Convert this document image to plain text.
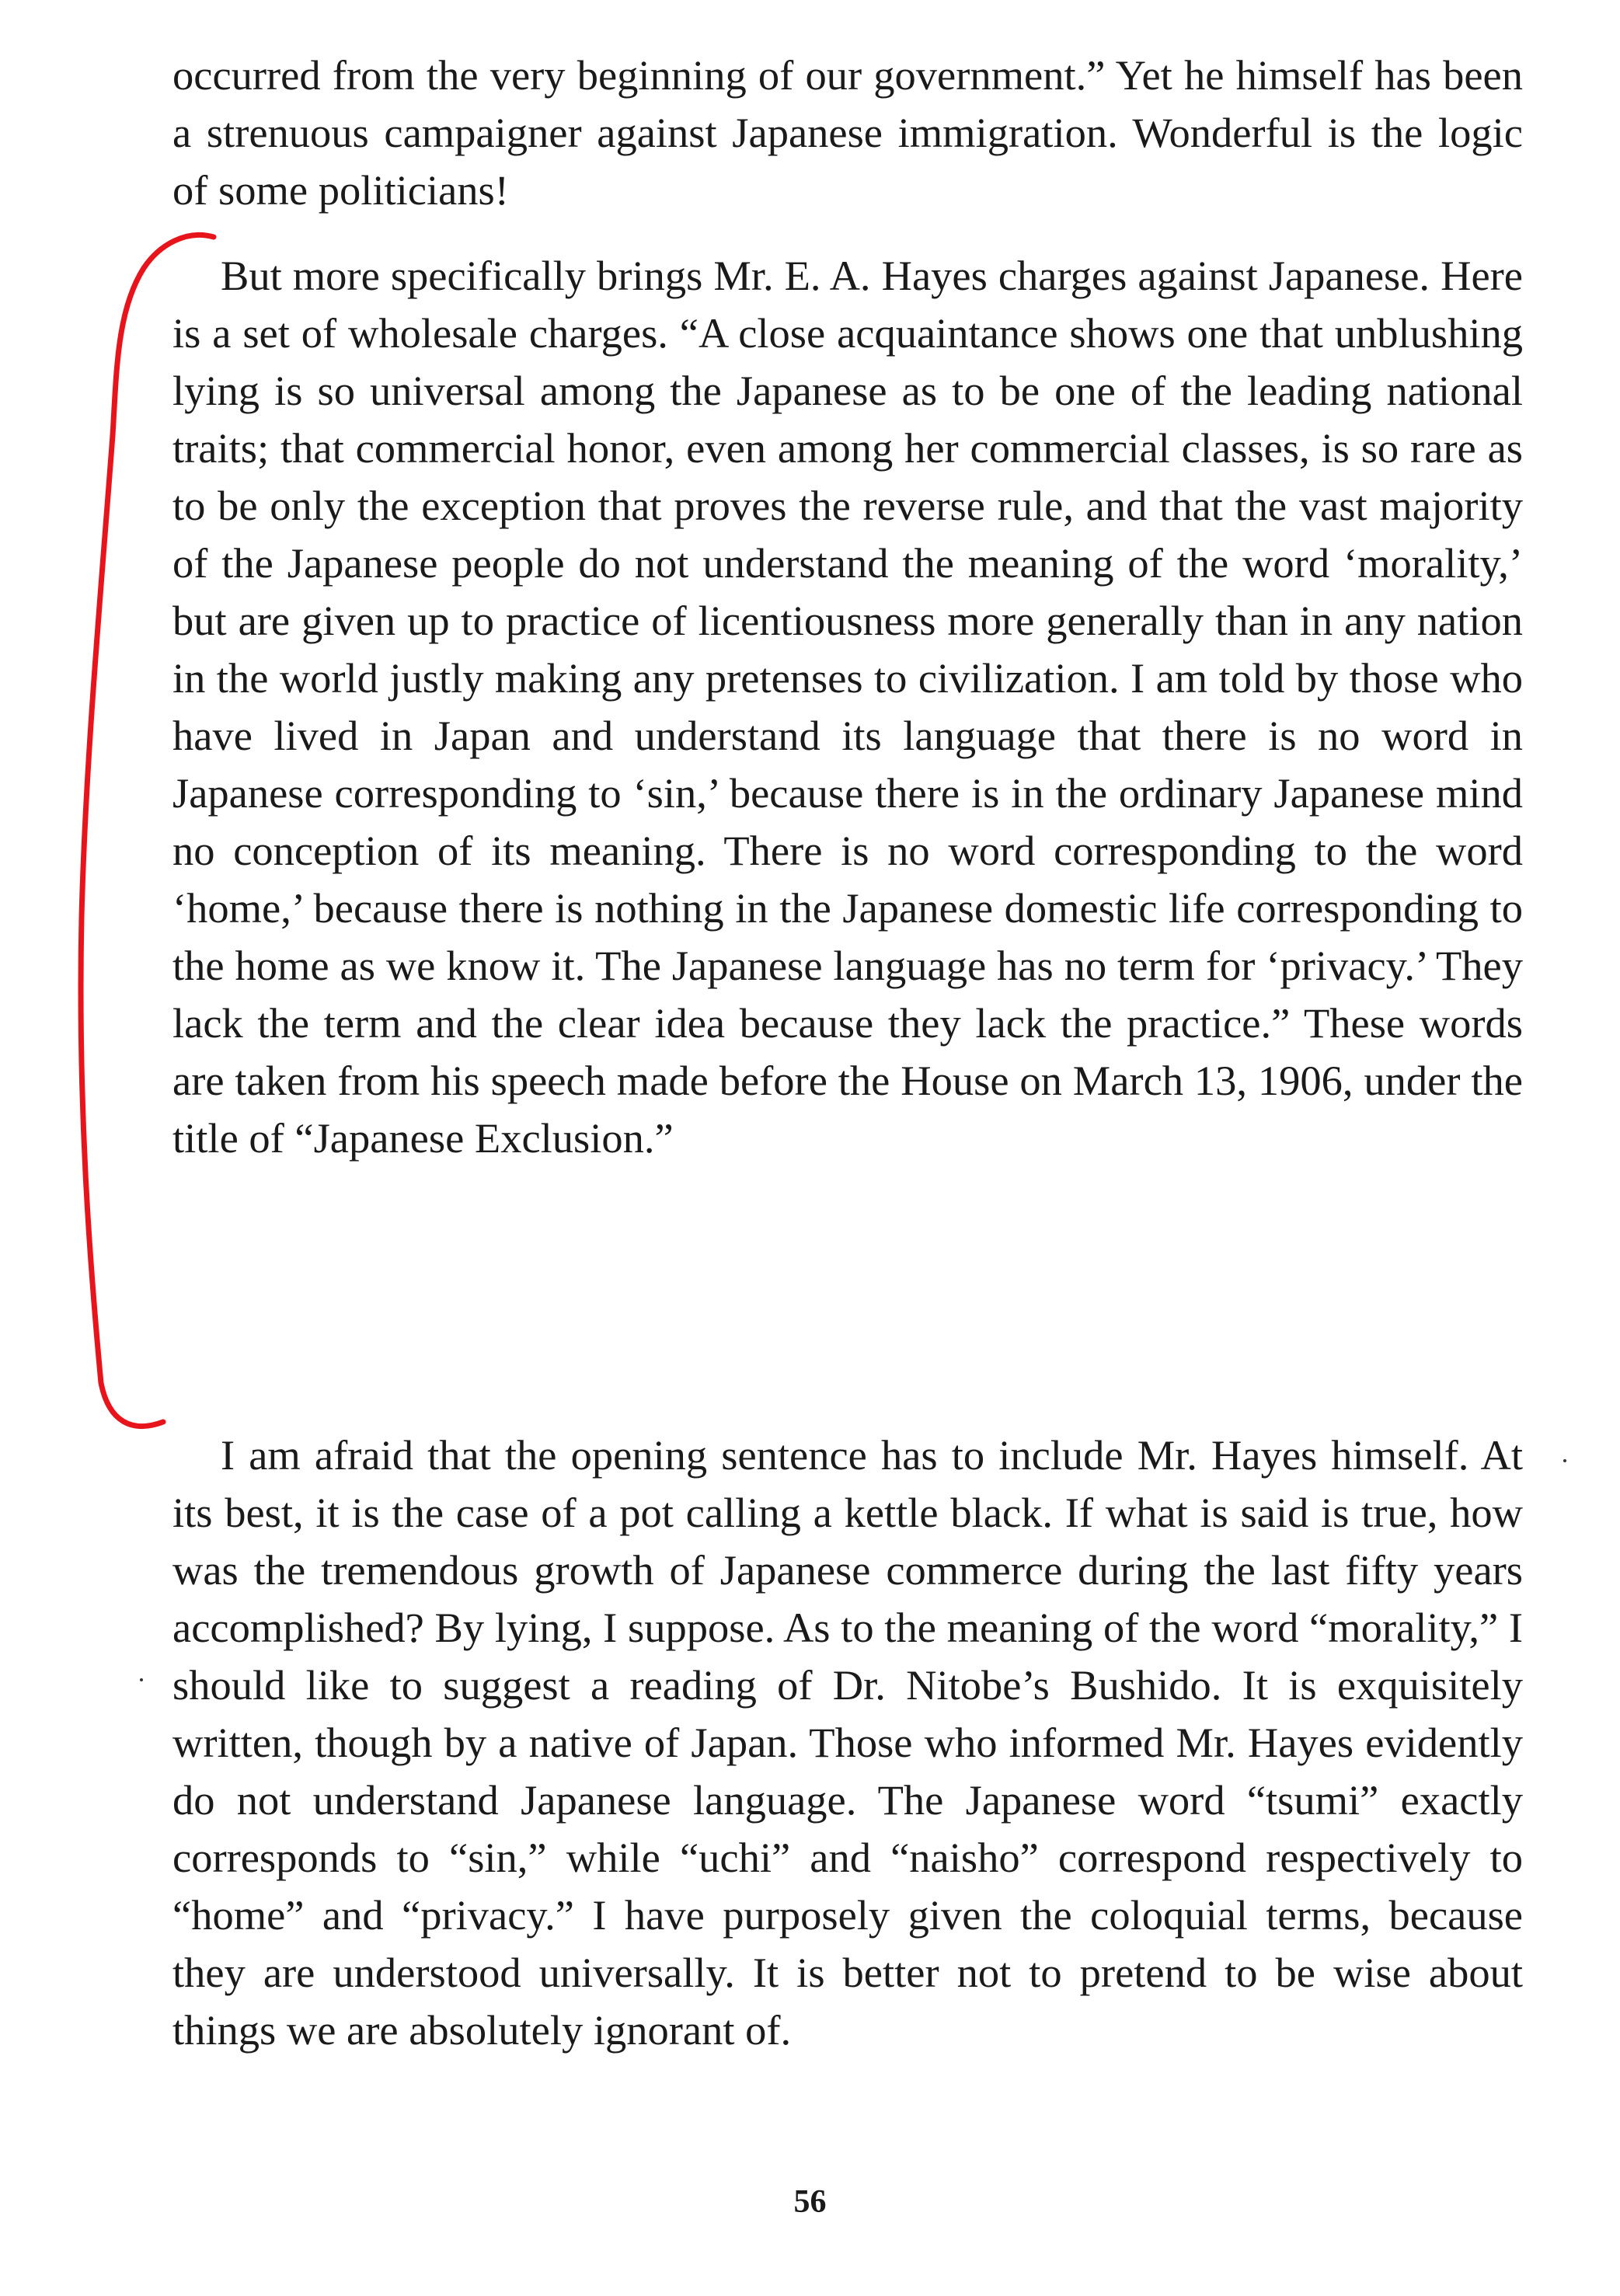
occurred from the very beginning of our government.” Yet he himself has been a strenuous campaigner against Japanese immigration. Wonderful is the logic of some politicians!

But more specifically brings Mr. E. A. Hayes charges against Japanese. Here is a set of wholesale charges. “A close acquaintance shows one that unblushing lying is so universal among the Japanese as to be one of the leading national traits; that commercial honor, even among her commercial classes, is so rare as to be only the exception that proves the reverse rule, and that the vast majority of the Japanese people do not understand the meaning of the word ‘morality,’ but are given up to practice of licentiousness more generally than in any nation in the world justly making any pretenses to civilization. I am told by those who have lived in Japan and understand its language that there is no word in Japanese corresponding to ‘sin,’ because there is in the ordinary Japanese mind no conception of its meaning. There is no word corresponding to the word ‘home,’ because there is nothing in the Japanese domestic life corresponding to the home as we know it. The Japanese language has no term for ‘privacy.’ They lack the term and the clear idea because they lack the practice.” These words are taken from his speech made before the House on March 13, 1906, under the title of “Japanese Exclusion.”

I am afraid that the opening sentence has to include Mr. Hayes himself. At its best, it is the case of a pot calling a kettle black. If what is said is true, how was the tremendous growth of Japanese commerce during the last fifty years accomplished? By lying, I suppose. As to the meaning of the word “morality,” I should like to suggest a reading of Dr. Nitobe’s Bushido. It is exquisitely written, though by a native of Japan. Those who informed Mr. Hayes evidently do not understand Japanese language. The Japanese word “tsumi” exactly corresponds to “sin,” while “uchi” and “naisho” correspond respectively to “home” and “privacy.” I have purposely given the coloquial terms, because they are understood universally. It is better not to pretend to be wise about things we are absolutely ignorant of.

56
